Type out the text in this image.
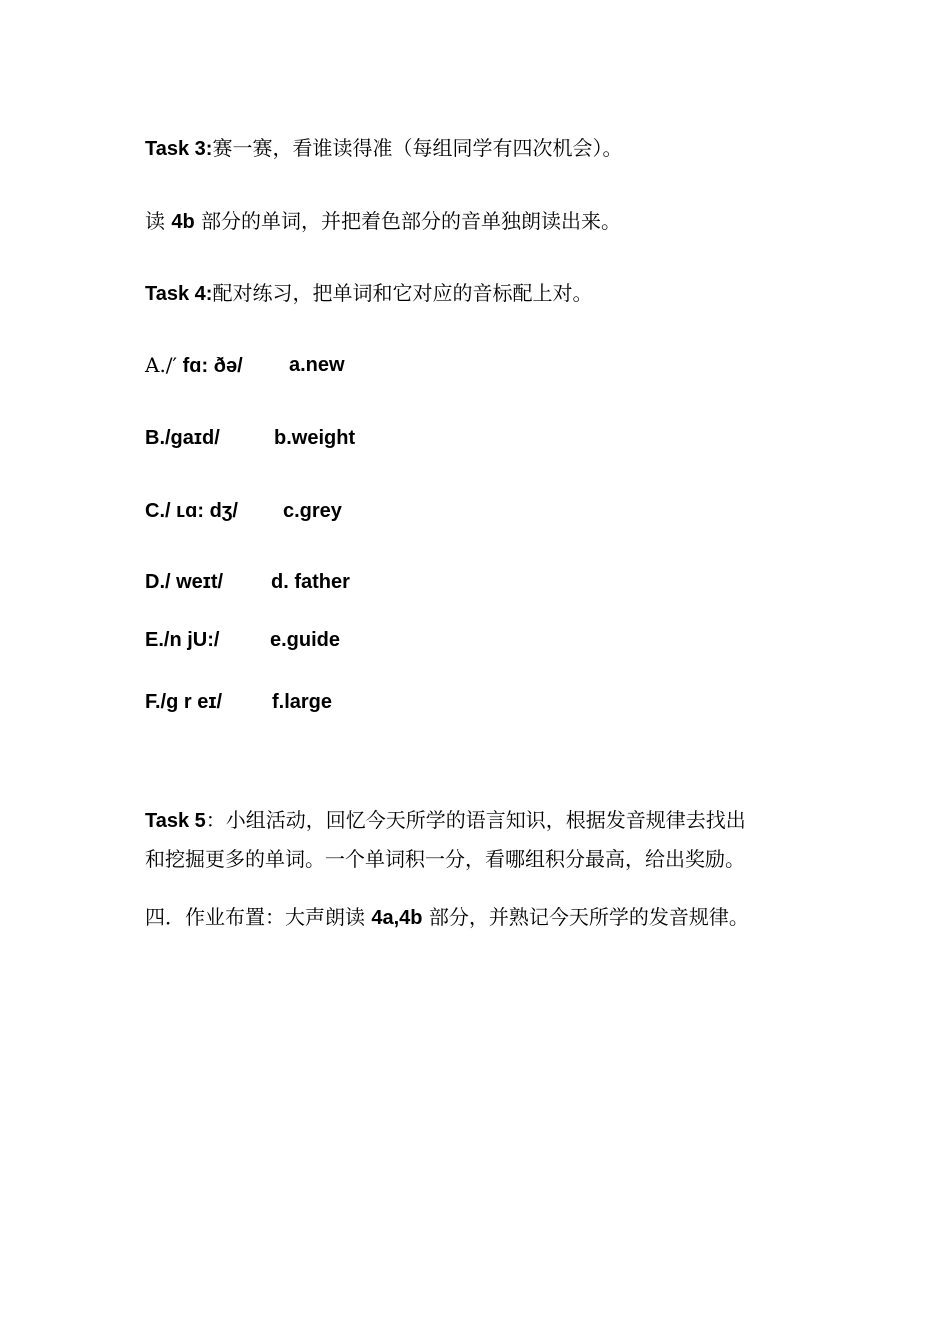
Task 3:赛一赛，看谁读得准（每组同学有四次机会）。
读 4b 部分的单词，并把着色部分的音单独朗读出来。
Task 4:配对练习，把单词和它对应的音标配上对。
A./′ fɑ: ðə/ a.new
B./gaɪd/	b.weight
C./ ʟɑ: dʒ/ c.grey
D./ weɪt/ d. father
E./n jU:/	e.guide
F./g r eɪ/ f.large
Task 5：小组活动，回忆今天所学的语言知识，根据发音规律去找出
和挖掘更多的单词。一个单词积一分，看哪组积分最高，给出奖励。
四．作业布置：大声朗读 4a,4b 部分，并熟记今天所学的发音规律。
